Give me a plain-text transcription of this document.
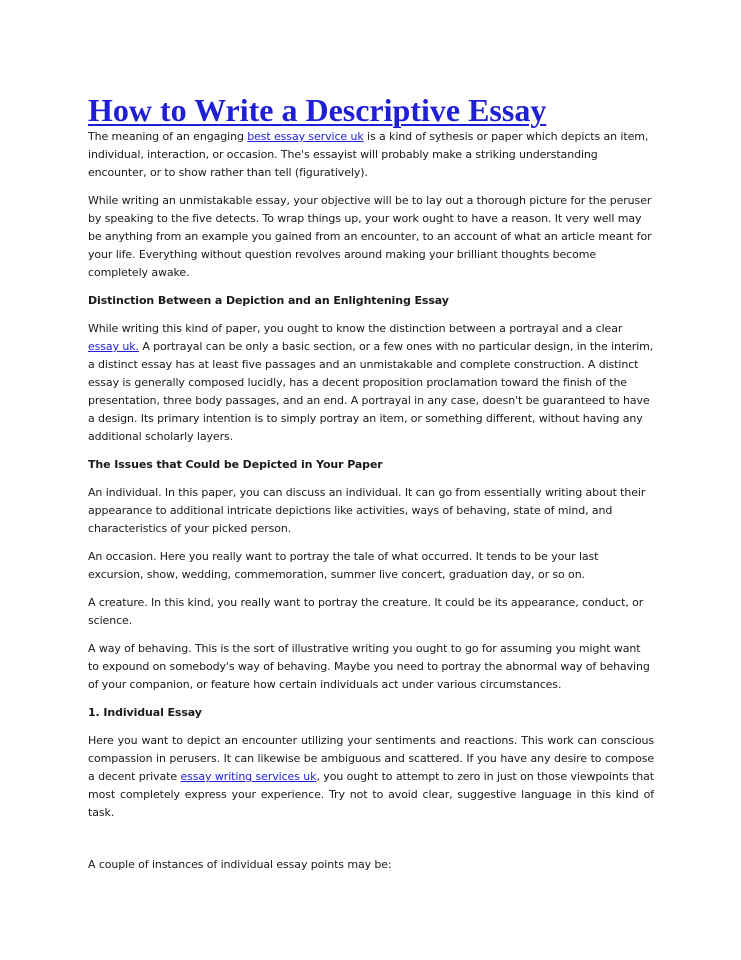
How to Write a Descriptive Essay

The meaning of an engaging best essay service uk is a kind of sythesis or paper which depicts an item, individual, interaction, or occasion. The's essayist will probably make a striking understanding encounter, or to show rather than tell (figuratively).

While writing an unmistakable essay, your objective will be to lay out a thorough picture for the peruser by speaking to the five detects. To wrap things up, your work ought to have a reason. It very well may be anything from an example you gained from an encounter, to an account of what an article meant for your life. Everything without question revolves around making your brilliant thoughts become completely awake.

Distinction Between a Depiction and an Enlightening Essay

While writing this kind of paper, you ought to know the distinction between a portrayal and a clear essay uk. A portrayal can be only a basic section, or a few ones with no particular design, in the interim, a distinct essay has at least five passages and an unmistakable and complete construction. A distinct essay is generally composed lucidly, has a decent proposition proclamation toward the finish of the presentation, three body passages, and an end. A portrayal in any case, doesn't be guaranteed to have a design. Its primary intention is to simply portray an item, or something different, without having any additional scholarly layers.

The Issues that Could be Depicted in Your Paper

An individual. In this paper, you can discuss an individual. It can go from essentially writing about their appearance to additional intricate depictions like activities, ways of behaving, state of mind, and characteristics of your picked person.

An occasion. Here you really want to portray the tale of what occurred. It tends to be your last excursion, show, wedding, commemoration, summer live concert, graduation day, or so on.

A creature. In this kind, you really want to portray the creature. It could be its appearance, conduct, or science.

A way of behaving. This is the sort of illustrative writing you ought to go for assuming you might want to expound on somebody's way of behaving. Maybe you need to portray the abnormal way of behaving of your companion, or feature how certain individuals act under various circumstances.

1. Individual Essay

Here you want to depict an encounter utilizing your sentiments and reactions. This work can conscious compassion in perusers. It can likewise be ambiguous and scattered. If you have any desire to compose a decent private essay writing services uk, you ought to attempt to zero in just on those viewpoints that most completely express your experience. Try not to avoid clear, suggestive language in this kind of task.

A couple of instances of individual essay points may be:
